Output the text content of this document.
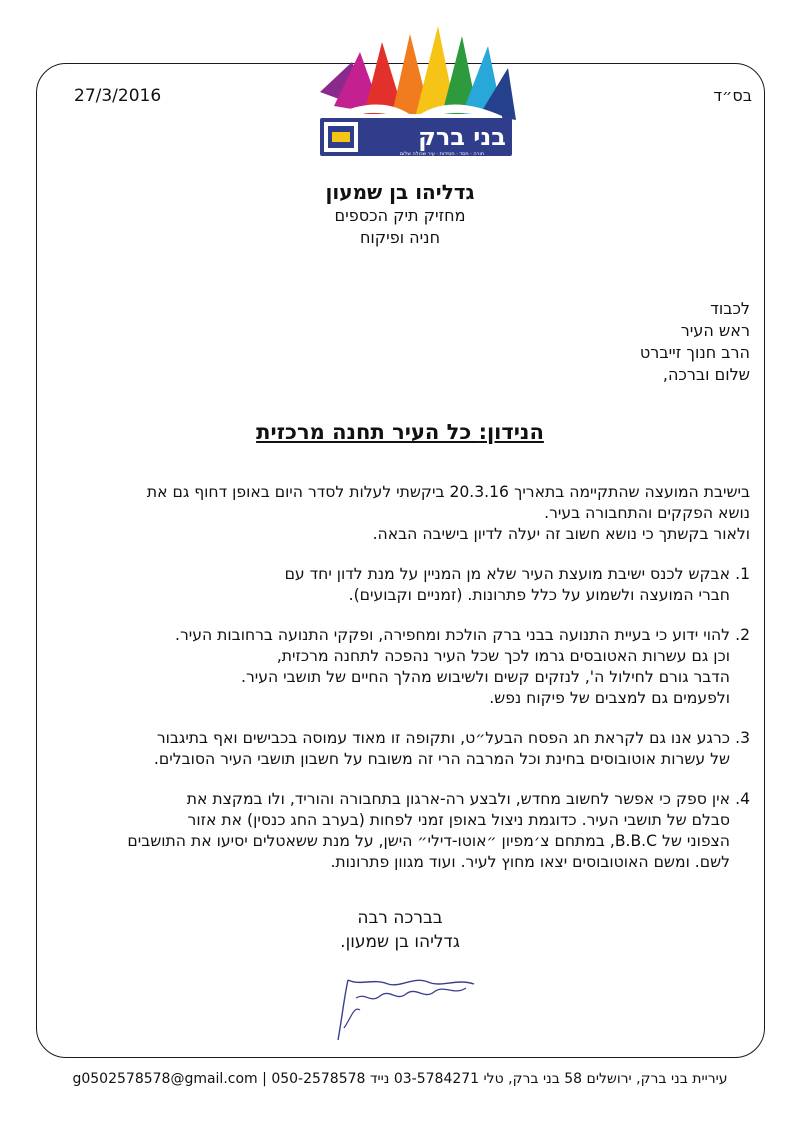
27/3/2016	בס״ד
בני ברק
תורה · חסד · חסידות · עיר שכולה שלום

גדליהו בן שמעון

מחזיק תיק הכספים

חניה ופיקוח

לכבוד
ראש העיר
הרב חנוך זייברט
שלום וברכה,
הנידון: כל העיר תחנה מרכזית

בישיבת המועצה שהתקיימה בתאריך 20.3.16 ביקשתי לעלות לסדר היום באופן דחוף גם את

נושא הפקקים והתחבורה בעיר.

ולאור בקשתך כי נושא חשוב זה יעלה לדיון בישיבה הבאה.

1.

אבקש לכנס ישיבת מועצת העיר שלא מן המניין על מנת לדון יחד עם

חברי המועצה ולשמוע על כלל פתרונות. (זמניים וקבועים).

2.

להוי ידוע כי בעיית התנועה בבני ברק הולכת ומחפירה, ופקקי התנועה ברחובות העיר.

וכן גם עשרות האטובסים גרמו לכך שכל העיר נהפכה לתחנה מרכזית,

הדבר גורם לחילול ה', לנזקים קשים ולשיבוש מהלך החיים של תושבי העיר.

ולפעמים גם למצבים של פיקוח נפש.

3.

כרגע אנו גם לקראת חג הפסח הבעל״ט, ותקופה זו מאוד עמוסה בכבישים ואף בתיגבור

של עשרות אוטובוסים בחינת וכל המרבה הרי זה משובח על חשבון תושבי העיר הסובלים.

4.

אין ספק כי אפשר לחשוב מחדש, ולבצע רה-ארגון בתחבורה והוריד, ולו במקצת את

סבלם של תושבי העיר. כדוגמת ניצול באופן זמני לפחות (בערב החג כנסין) את אזור

הצפוני של B.B.C, במתחם צ׳מפיון ״אוטו-דילי״ הישן, על מנת ששאטלים יסיעו את התושבים

לשם. ומשם האוטובוסים יצאו מחוץ לעיר. ועוד מגוון פתרונות.

בברכה רבה
גדליהו בן שמעון.
עיריית בני ברק, ירושלים 58 בני ברק, טלי 03-5784271 נייד 050-2578578 | g0502578578@gmail.com
